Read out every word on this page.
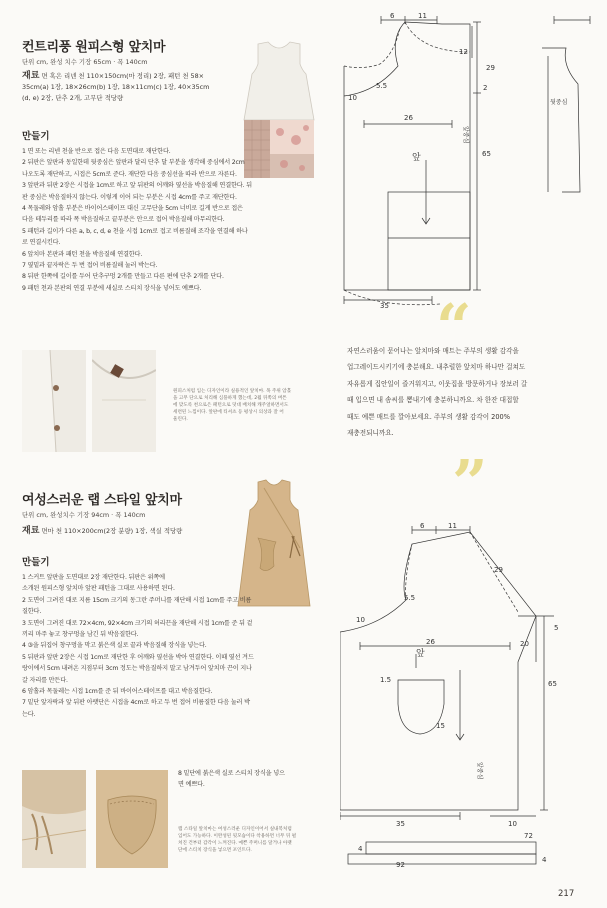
컨트리풍 원피스형 앞치마
단위 cm, 완성 치수 기장 65cm · 폭 140cm
재료 면 혹은 리넨 천 110×150cm(마 정리) 2장, 패턴 천 58×
35cm(a) 1장, 18×26cm(b) 1장, 18×11cm(c) 1장, 40×35cm
(d, e) 2장, 단추 2개, 고무단 적당량
만들기
1 면 또는 리넨 천을 반으로 접은 다음 도면대로 재단한다.
2 뒤판은 앞판과 동일한데 뒷중심은 앞판과 달리 단추 달 부분을 생각해 중심에서 2cm
나오도록 재단하고, 시접은 5cm로 준다. 재단한 다음 중심선을 따라 반으로 자른다.
3 앞판과 뒤판 2장은 시접을 1cm로 하고 앞 뒤판의 어깨와 옆선을 박음질해 연결한다. 뒤
판 중심은 박음질하지 않는다. 이렇게 이어 되는 부분은 시접 4cm를 주고 재단한다.
4 목둘레와 암홀 부분은 바이어스테이프 대신 고무단을 5cm 너비로 길게 반으로 접은
다음 테두리를 따라 폭 박음질하고 끝부분은 안으로 접어 박음질해 마무리한다.
5 패턴과 길이가 다른 a, b, c, d, e 천을 시접 1cm로 접고 비름질해 조각을 연결해 하나
로 연결시킨다.
6 앞치마 본판과 패턴 천을 박음질해 연결한다.
7 옆밑과 끝자락은 두 번 접어 비름질해 눌러 박는다.
8 뒤판 한쪽에 길이를 두어 단추구멍 2개를 만들고 다른 편에 단추 2개를 단다.
9 패턴 천과 본판의 연결 부분에 새실로 스티치 장식을 넣어도 예쁘다.
원피스처럼 입는 디자인이라 실용적인 앞치마. 목 주위 암홀
을 고무 단으로 처리해 심플하게 했는데, 2월 뒤쪽의 버튼
에 맞도록 천으로은 패턴으로 덧대 배치해 캐주얼하면서도
세련된 느낌이다. 앞판에 티셔츠 등 평상시 의상과 잘 어
울린다.
여성스러운 랩 스타일 앞치마
단위 cm, 완성치수 기장 94cm · 폭 140cm
재료 면마 천 110×200cm(2장 분량) 1장, 색실 적당량
만들기
1 스커트 앞판을 도면대로 2장 재단한다. 뒤판은 위쪽에
소개된 원피스형 앞치마 앞판 패턴을 그대로 사용하면 된다.
2 도면이 그려진 대로 지름 15cm 크기의 동그란 주머니를 재단해 시접 1cm를 주고 비름
질한다.
3 도면이 그려진 대로 72×4cm, 92×4cm 크기의 허리끈을 재단해 시접 1cm를 준 뒤 겉
끼리 마주 놓고 창구멍을 남긴 뒤 박음질한다.
4 ③을 뒤집어 창구멍을 막고 붉은색 실로 끝과 박음질해 장식을 넣는다.
5 뒤판과 앞판 2장은 시접 1cm로 재단한 후 어깨와 옆선을 박아 연결한다. 이때 옆선 겨드
랑이에서 5cm 내려온 지점부터 3cm 정도는 박음질하지 말고 남겨두어 앞치마 끈이 지나
갈 자리를 만든다.
6 암홀과 목둘레는 시접 1cm를 준 뒤 바이어스테이프를 대고 박음질한다.
7 밑단 앞자락과 앞 뒤판 아랫단은 시접을 4cm로 하고 두 번 접어 비름질한 다음 눌러 박
는다.
8 밑단에 붉은색 실로 스티치 장식을 넣으
면 예쁘다.
랩 스타일 앞치마는 여성스러운 디자인이어서 실내복처럼
입어도 가능하다. 이완성된 뒷모습이다 착용하면 너무 뒤 펼
쳐진 건부터 감각이 느껴진다. 예쁜 주머니를 달거나 아랫
단에 스티치 장식을 넣으면 포인트다.
“
자연스러움이 묻어나는 앞치마와 매트는 주부의 생활 감각을
업그레이드시키기에 충분해요. 내추럴한 앞치마 하나만 걸쳐도
자유롭게 집안일이 즐거워지고, 이웃집을 방문하거나 장보러 갈
때 입으면 내 솜씨를 뽐내기에 충분하니까요. 차 한잔 대접할
때도 예쁜 매트를 깔아보세요. 주부의 생활 감각이 200%
재충전되니까요.
”
6	11
12
29
2
5.5
10
26
앞	65
35
뒷중심
앞중심
6	11
29
5.5
10
26	20
5
앞
1.5
15
65
35	10
72
4
92
4
앞중심
217
